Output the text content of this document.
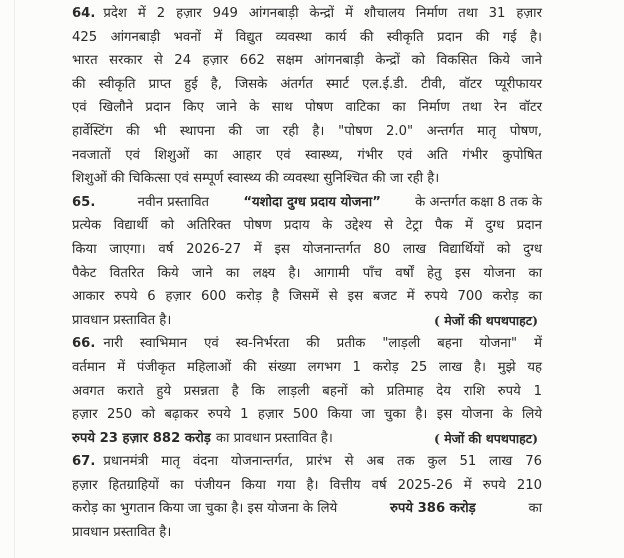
64. प्रदेश में 2 हज़ार 949 आंगनबाड़ी केन्द्रों में शौचालय निर्माण तथा 31 हज़ार
425 आंगनबाड़ी भवनों में विद्युत व्यवस्था कार्य की स्वीकृति प्रदान की गई है।
भारत सरकार से 24 हज़ार 662 सक्षम आंगनबाड़ी केन्द्रों को विकसित किये जाने
की स्वीकृति प्राप्त हुई है, जिसके अंतर्गत स्मार्ट एल.ई.डी. टीवी, वॉटर प्यूरीफायर
एवं खिलौने प्रदान किए जाने के साथ पोषण वाटिका का निर्माण तथा रेन वॉटर
हार्वेस्टिंग की भी स्थापना की जा रही है। "पोषण 2.0" अन्तर्गत मातृ पोषण,
नवजातों एवं शिशुओं का आहार एवं स्वास्थ्य, गंभीर एवं अति गंभीर कुपोषित
शिशुओं की चिकित्सा एवं सम्पूर्ण स्वास्थ्य की व्यवस्था सुनिश्चित की जा रही है।
65.	नवीन प्रस्तावित	“यशोदा दुग्ध प्रदाय योजना”	के अन्तर्गत कक्षा 8 तक के
प्रत्येक विद्यार्थी को अतिरिक्त पोषण प्रदाय के उद्देश्य से टेट्रा पैक में दुग्ध प्रदान
किया जाएगा। वर्ष 2026-27 में इस योजनान्तर्गत 80 लाख विद्यार्थियों को दुग्ध
पैकेट वितरित किये जाने का लक्ष्य है। आगामी पाँच वर्षों हेतु इस योजना का
आकार रुपये 6 हज़ार 600 करोड़ है जिसमें से इस बजट में रुपये 700 करोड़ का
प्रावधान प्रस्तावित है।	( मेजों की थपथपाहट)
66. नारी स्वाभिमान एवं स्व-निर्भरता की प्रतीक "लाड़ली बहना योजना" में
वर्तमान में पंजीकृत महिलाओं की संख्या लगभग 1 करोड़ 25 लाख है। मुझे यह
अवगत कराते हुये प्रसन्नता है कि लाड़ली बहनों को प्रतिमाह देय राशि रुपये 1
हज़ार 250 को बढ़ाकर रुपये 1 हज़ार 500 किया जा चुका है। इस योजना के लिये
रुपये 23 हज़ार 882 करोड़ का प्रावधान प्रस्तावित है।	( मेजों की थपथपाहट)
67. प्रधानमंत्री मातृ वंदना योजनान्तर्गत, प्रारंभ से अब तक कुल 51 लाख 76
हज़ार हितग्राहियों का पंजीयन किया गया है। वित्तीय वर्ष 2025-26 में रुपये 210
करोड़ का भुगतान किया जा चुका है। इस योजना के लिये	रुपये 386 करोड़	का
प्रावधान प्रस्तावित है।
